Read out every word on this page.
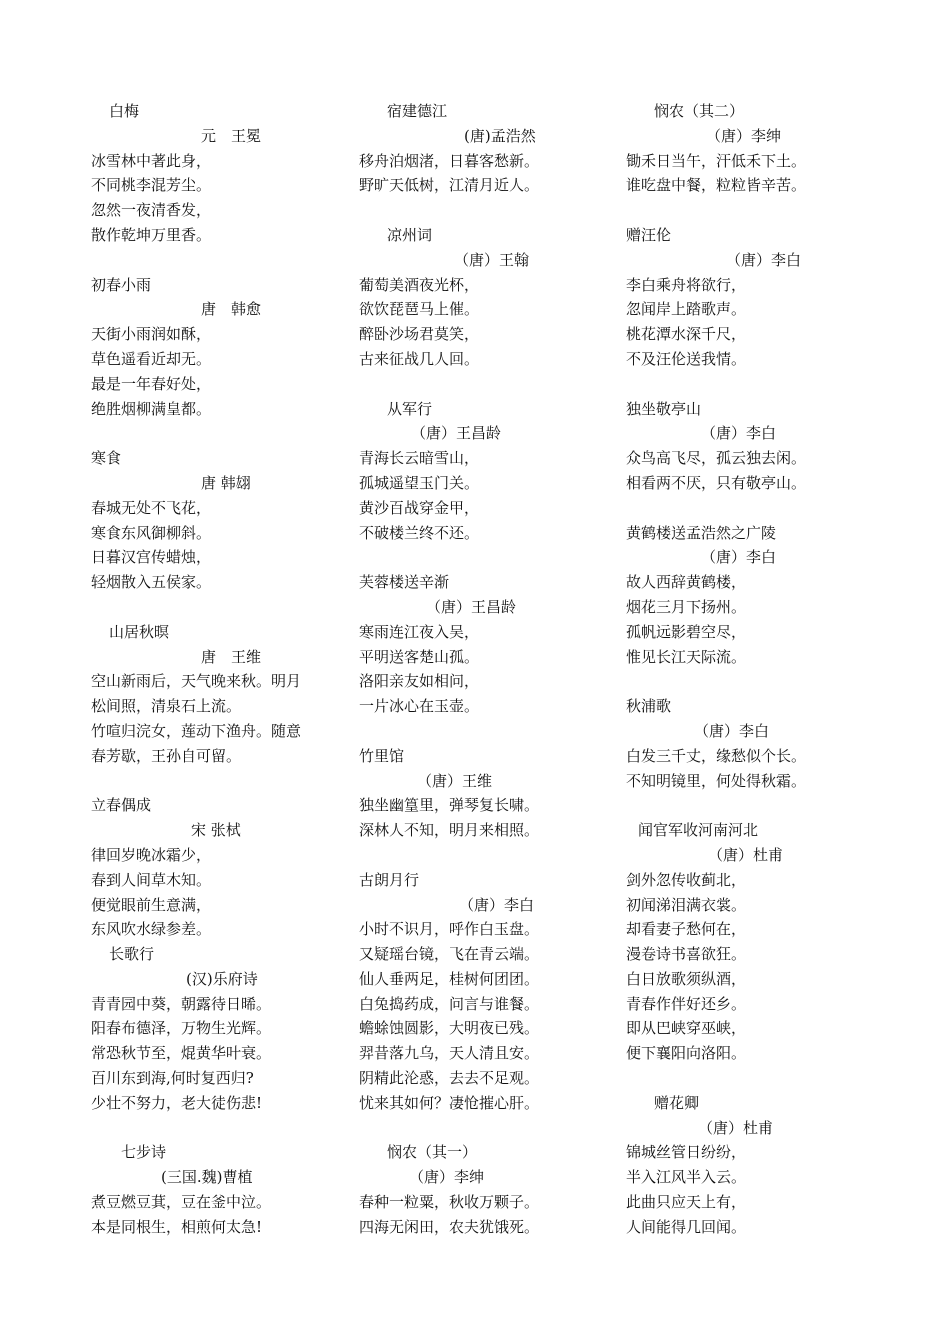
白梅
元　王冕
冰雪林中著此身，
不同桃李混芳尘。
忽然一夜清香发，
散作乾坤万里香。
初春小雨
唐　韩愈
天街小雨润如酥，
草色遥看近却无。
最是一年春好处，
绝胜烟柳满皇都。
寒食
唐 韩翃
春城无处不飞花，
寒食东风御柳斜。
日暮汉宫传蜡烛，
轻烟散入五侯家。
山居秋暝
唐　王维
空山新雨后，天气晚来秋。明月
松间照，清泉石上流。
竹喧归浣女，莲动下渔舟。随意
春芳歇，王孙自可留。
立春偶成
宋 张栻
律回岁晚冰霜少，
春到人间草木知。
便觉眼前生意满，
东风吹水绿参差。
长歌行
(汉)乐府诗
青青园中葵，朝露待日晞。
阳春布德泽，万物生光辉。
常恐秋节至，焜黄华叶衰。
百川东到海,何时复西归?
少壮不努力，老大徒伤悲!
七步诗
(三国.魏)曹植
煮豆燃豆萁，豆在釜中泣。
本是同根生，相煎何太急!
宿建德江
(唐)孟浩然
移舟泊烟渚，日暮客愁新。
野旷天低树，江清月近人。
凉州词
（唐）王翰
葡萄美酒夜光杯，
欲饮琵琶马上催。
醉卧沙场君莫笑，
古来征战几人回。
从军行
（唐）王昌龄
青海长云暗雪山，
孤城遥望玉门关。
黄沙百战穿金甲，
不破楼兰终不还。
芙蓉楼送辛渐
（唐）王昌龄
寒雨连江夜入吴，
平明送客楚山孤。
洛阳亲友如相问，
一片冰心在玉壶。
竹里馆
（唐）王维
独坐幽篁里，弹琴复长啸。
深林人不知，明月来相照。
古朗月行
（唐）李白
小时不识月，呼作白玉盘。
又疑瑶台镜，飞在青云端。
仙人垂两足，桂树何团团。
白兔捣药成，问言与谁餐。
蟾蜍蚀圆影，大明夜已残。
羿昔落九乌，天人清且安。
阴精此沦惑，去去不足观。
忧来其如何？凄怆摧心肝。
悯农（其一）
（唐）李绅
春种一粒粟，秋收万颗子。
四海无闲田，农夫犹饿死。
悯农（其二）
（唐）李绅
锄禾日当午，汗低禾下土。
谁吃盘中餐，粒粒皆辛苦。
赠汪伦
（唐）李白
李白乘舟将欲行，
忽闻岸上踏歌声。
桃花潭水深千尺，
不及汪伦送我情。
独坐敬亭山
（唐）李白
众鸟高飞尽，孤云独去闲。
相看两不厌，只有敬亭山。
黄鹤楼送孟浩然之广陵
（唐）李白
故人西辞黄鹤楼，
烟花三月下扬州。
孤帆远影碧空尽，
惟见长江天际流。
秋浦歌
（唐）李白
白发三千丈，缘愁似个长。
不知明镜里，何处得秋霜。
闻官军收河南河北
（唐）杜甫
剑外忽传收蓟北，
初闻涕泪满衣裳。
却看妻子愁何在，
漫卷诗书喜欲狂。
白日放歌须纵酒，
青春作伴好还乡。
即从巴峡穿巫峡，
便下襄阳向洛阳。
赠花卿
（唐）杜甫
锦城丝管日纷纷，
半入江风半入云。
此曲只应天上有，
人间能得几回闻。
